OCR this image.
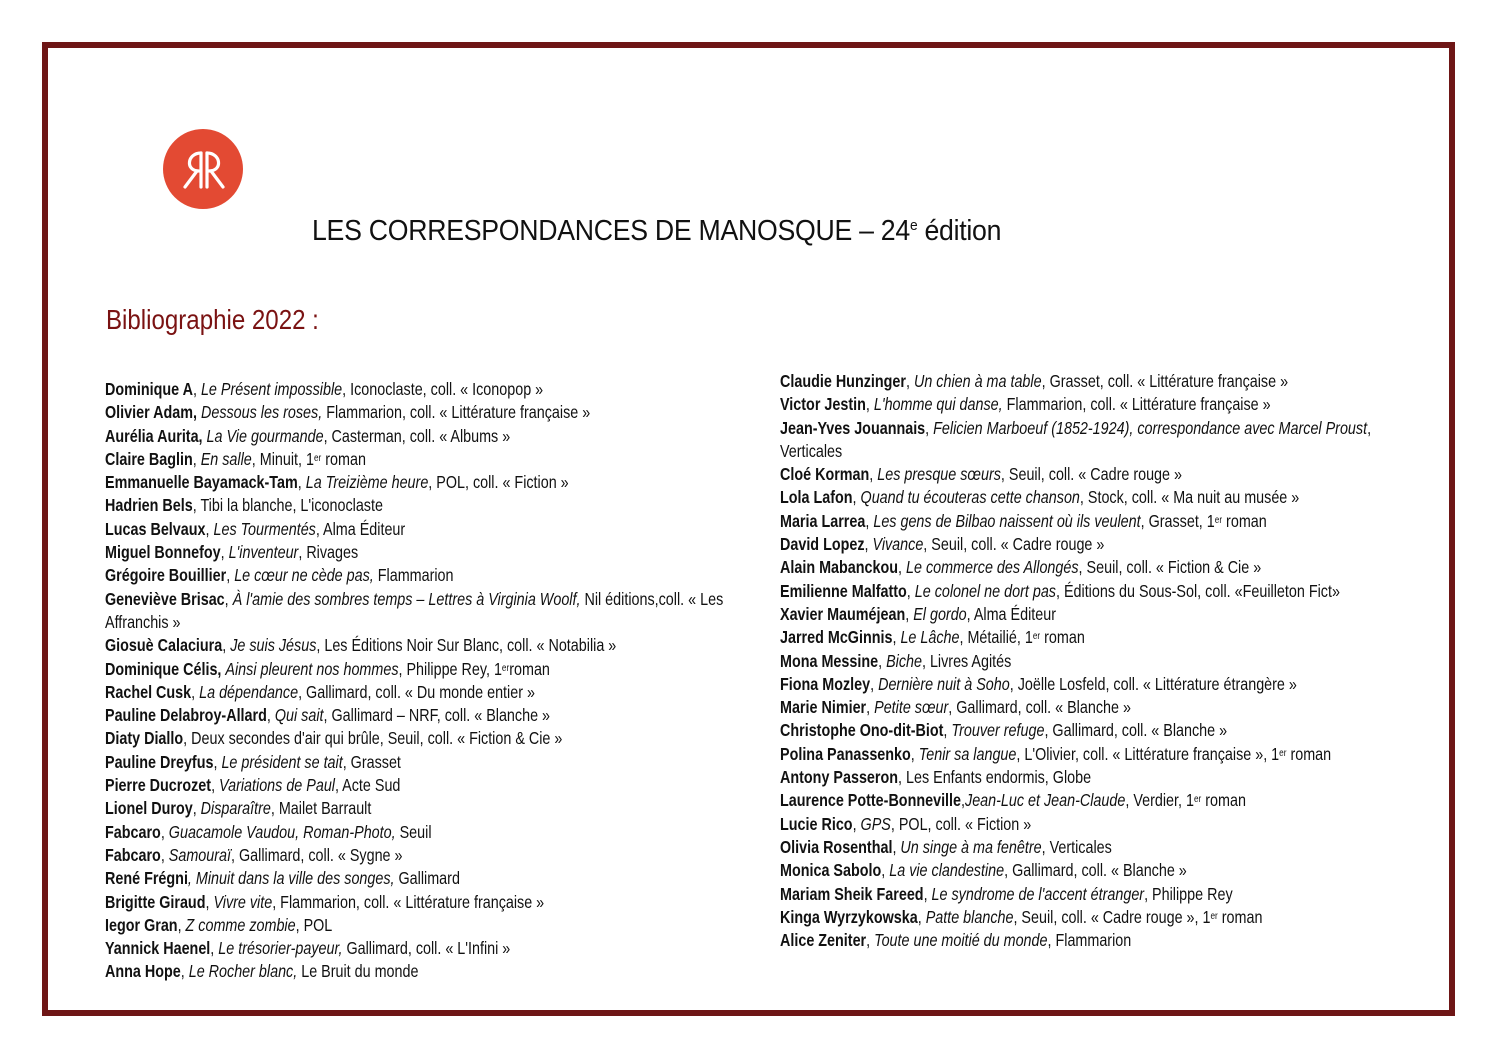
LES CORRESPONDANCES DE MANOSQUE – 24e édition
Bibliographie 2022 :
Dominique A, Le Présent impossible, Iconoclaste, coll. « Iconopop »
Olivier Adam, Dessous les roses, Flammarion, coll. « Littérature française »
Aurélia Aurita, La Vie gourmande, Casterman, coll. « Albums »
Claire Baglin, En salle, Minuit, 1er roman
Emmanuelle Bayamack-Tam, La Treizième heure, POL, coll. « Fiction »
Hadrien Bels, Tibi la blanche, L'iconoclaste
Lucas Belvaux, Les Tourmentés, Alma Éditeur
Miguel Bonnefoy, L'inventeur, Rivages
Grégoire Bouillier, Le cœur ne cède pas, Flammarion
Geneviève Brisac, À l'amie des sombres temps – Lettres à Virginia Woolf, Nil éditions,coll. « Les Affranchis »
Giosuè Calaciura, Je suis Jésus, Les Éditions Noir Sur Blanc, coll. « Notabilia »
Dominique Célis, Ainsi pleurent nos hommes, Philippe Rey, 1erroman
Rachel Cusk, La dépendance, Gallimard, coll. « Du monde entier »
Pauline Delabroy-Allard, Qui sait, Gallimard – NRF, coll. « Blanche »
Diaty Diallo, Deux secondes d'air qui brûle, Seuil, coll. « Fiction & Cie »
Pauline Dreyfus, Le président se tait, Grasset
Pierre Ducrozet, Variations de Paul, Acte Sud
Lionel Duroy, Disparaître, Mailet Barrault
Fabcaro, Guacamole Vaudou, Roman-Photo, Seuil
Fabcaro, Samouraï, Gallimard, coll. « Sygne »
René Frégni, Minuit dans la ville des songes, Gallimard
Brigitte Giraud, Vivre vite, Flammarion, coll. « Littérature française »
Iegor Gran, Z comme zombie, POL
Yannick Haenel, Le trésorier-payeur, Gallimard, coll. « L'Infini »
Anna Hope, Le Rocher blanc, Le Bruit du monde
Claudie Hunzinger, Un chien à ma table, Grasset, coll. « Littérature française »
Victor Jestin, L'homme qui danse, Flammarion, coll. « Littérature française »
Jean-Yves Jouannais, Felicien Marboeuf (1852-1924), correspondance avec Marcel Proust, Verticales
Cloé Korman, Les presque sœurs, Seuil, coll. « Cadre rouge »
Lola Lafon, Quand tu écouteras cette chanson, Stock, coll. « Ma nuit au musée »
Maria Larrea, Les gens de Bilbao naissent où ils veulent, Grasset, 1er roman
David Lopez, Vivance, Seuil, coll. « Cadre rouge »
Alain Mabanckou, Le commerce des Allongés, Seuil, coll. « Fiction & Cie »
Emilienne Malfatto, Le colonel ne dort pas, Éditions du Sous-Sol, coll. «Feuilleton Fict»
Xavier Mauméjean, El gordo, Alma Éditeur
Jarred McGinnis, Le Lâche, Métailié, 1er roman
Mona Messine, Biche, Livres Agités
Fiona Mozley, Dernière nuit à Soho, Joëlle Losfeld, coll. « Littérature étrangère »
Marie Nimier, Petite sœur, Gallimard, coll. « Blanche »
Christophe Ono-dit-Biot, Trouver refuge, Gallimard, coll. « Blanche »
Polina Panassenko, Tenir sa langue, L'Olivier, coll. « Littérature française », 1er roman
Antony Passeron, Les Enfants endormis, Globe
Laurence Potte-Bonneville,Jean-Luc et Jean-Claude, Verdier, 1er roman
Lucie Rico, GPS, POL, coll. « Fiction »
Olivia Rosenthal, Un singe à ma fenêtre, Verticales
Monica Sabolo, La vie clandestine, Gallimard, coll. « Blanche »
Mariam Sheik Fareed, Le syndrome de l'accent étranger, Philippe Rey
Kinga Wyrzykowska, Patte blanche, Seuil, coll. « Cadre rouge », 1er roman
Alice Zeniter, Toute une moitié du monde, Flammarion
